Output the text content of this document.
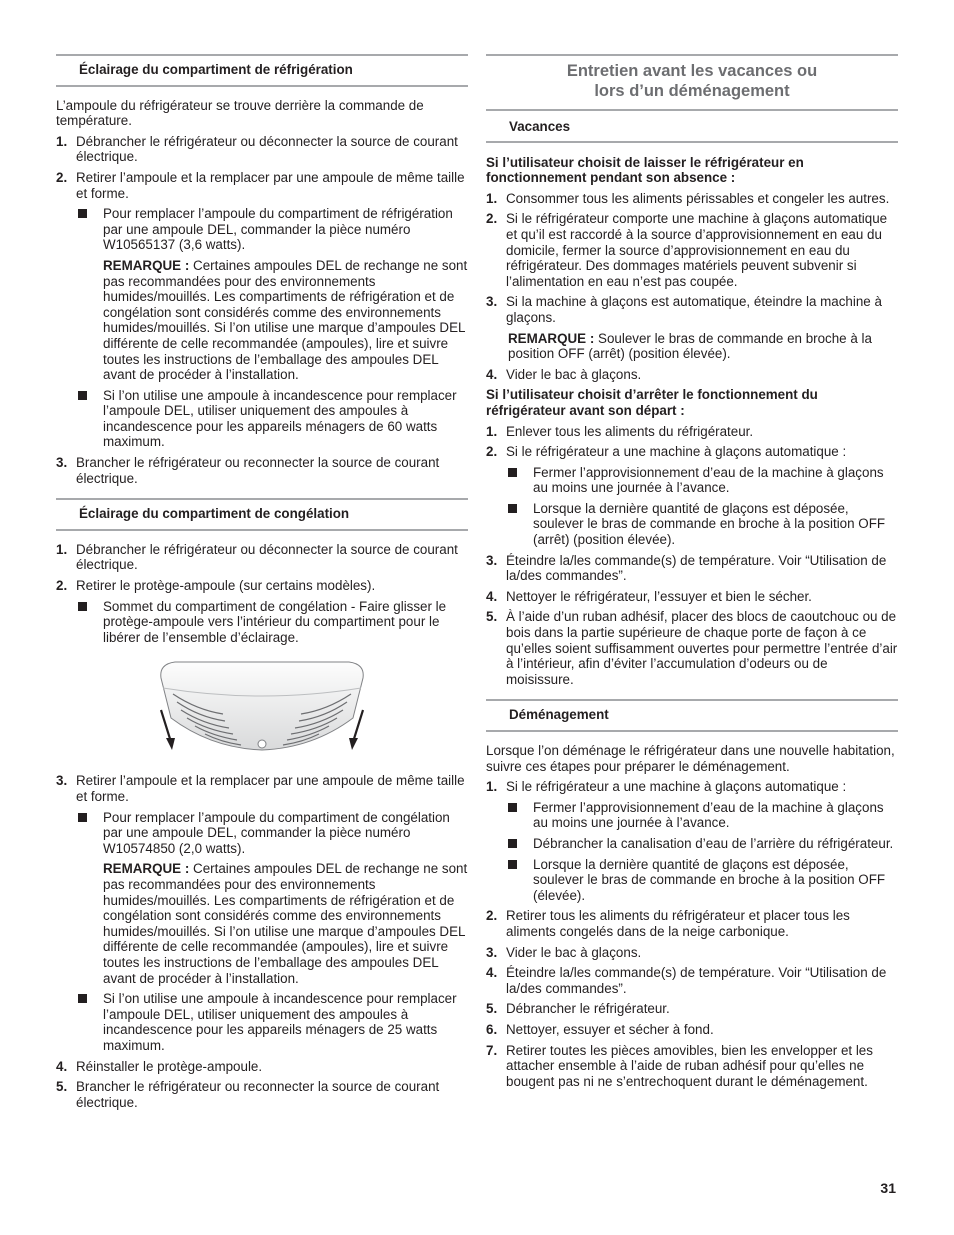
Éclairage du compartiment de réfrigération

L’ampoule du réfrigérateur se trouve derrière la commande de température.

1. Débrancher le réfrigérateur ou déconnecter la source de courant électrique.
2. Retirer l’ampoule et la remplacer par une ampoule de même taille et forme.
Pour remplacer l’ampoule du compartiment de réfrigération par une ampoule DEL, commander la pièce numéro W10565137 (3,6 watts).
REMARQUE : Certaines ampoules DEL de rechange ne sont pas recommandées pour des environnements humides/mouillés. Les compartiments de réfrigération et de congélation sont considérés comme des environnements humides/mouillés. Si l’on utilise une marque d’ampoules DEL différente de celle recommandée (ampoules), lire et suivre toutes les instructions de l’emballage des ampoules DEL avant de procéder à l’installation.
Si l’on utilise une ampoule à incandescence pour remplacer l’ampoule DEL, utiliser uniquement des ampoules à incandescence pour les appareils ménagers de 60 watts maximum.
3. Brancher le réfrigérateur ou reconnecter la source de courant électrique.
Éclairage du compartiment de congélation
1. Débrancher le réfrigérateur ou déconnecter la source de courant électrique.
2. Retirer le protège-ampoule (sur certains modèles).
Sommet du compartiment de congélation - Faire glisser le protège-ampoule vers l’intérieur du compartiment pour le libérer de l’ensemble d’éclairage.
3. Retirer l’ampoule et la remplacer par une ampoule de même taille et forme.
Pour remplacer l’ampoule du compartiment de congélation par une ampoule DEL, commander la pièce numéro W10574850 (2,0 watts).
REMARQUE : Certaines ampoules DEL de rechange ne sont pas recommandées pour des environnements humides/mouillés. Les compartiments de réfrigération et de congélation sont considérés comme des environnements humides/mouillés. Si l’on utilise une marque d’ampoules DEL différente de celle recommandée (ampoules), lire et suivre toutes les instructions de l’emballage des ampoules DEL avant de procéder à l’installation.
Si l’on utilise une ampoule à incandescence pour remplacer l’ampoule DEL, utiliser uniquement des ampoules à incandescence pour les appareils ménagers de 25 watts maximum.
4. Réinstaller le protège-ampoule.
5. Brancher le réfrigérateur ou reconnecter la source de courant électrique.
Entretien avant les vacances ou
lors d’un déménagement
Vacances

Si l’utilisateur choisit de laisser le réfrigérateur en fonctionnement pendant son absence :

1. Consommer tous les aliments périssables et congeler les autres.
2. Si le réfrigérateur comporte une machine à glaçons automatique et qu’il est raccordé à la source d’approvisionnement en eau du domicile, fermer la source d’approvisionnement en eau du réfrigérateur. Des dommages matériels peuvent subvenir si l’alimentation en eau n’est pas coupée.
3. Si la machine à glaçons est automatique, éteindre la machine à glaçons.
REMARQUE : Soulever le bras de commande en broche à la position OFF (arrêt) (position élevée).
4. Vider le bac à glaçons.

Si l’utilisateur choisit d’arrêter le fonctionnement du réfrigérateur avant son départ :

1. Enlever tous les aliments du réfrigérateur.
2. Si le réfrigérateur a une machine à glaçons automatique :
Fermer l’approvisionnement d’eau de la machine à glaçons au moins une journée à l’avance.
Lorsque la dernière quantité de glaçons est déposée, soulever le bras de commande en broche à la position OFF (arrêt) (position élevée).
3. Éteindre la/les commande(s) de température. Voir “Utilisation de la/des commandes”.
4. Nettoyer le réfrigérateur, l’essuyer et bien le sécher.
5. À l’aide d’un ruban adhésif, placer des blocs de caoutchouc ou de bois dans la partie supérieure de chaque porte de façon à ce qu’elles soient suffisamment ouvertes pour permettre l’entrée d’air à l’intérieur, afin d’éviter l’accumulation d’odeurs ou de moisissure.
Déménagement

Lorsque l’on déménage le réfrigérateur dans une nouvelle habitation, suivre ces étapes pour préparer le déménagement.

1. Si le réfrigérateur a une machine à glaçons automatique :
Fermer l’approvisionnement d’eau de la machine à glaçons au moins une journée à l’avance.
Débrancher la canalisation d’eau de l’arrière du réfrigérateur.
Lorsque la dernière quantité de glaçons est déposée, soulever le bras de commande en broche à la position OFF (élevée).
2. Retirer tous les aliments du réfrigérateur et placer tous les aliments congelés dans de la neige carbonique.
3. Vider le bac à glaçons.
4. Éteindre la/les commande(s) de température. Voir “Utilisation de la/des commandes”.
5. Débrancher le réfrigérateur.
6. Nettoyer, essuyer et sécher à fond.
7. Retirer toutes les pièces amovibles, bien les envelopper et les attacher ensemble à l’aide de ruban adhésif pour qu’elles ne bougent pas ni ne s’entrechoquent durant le déménagement.
31
